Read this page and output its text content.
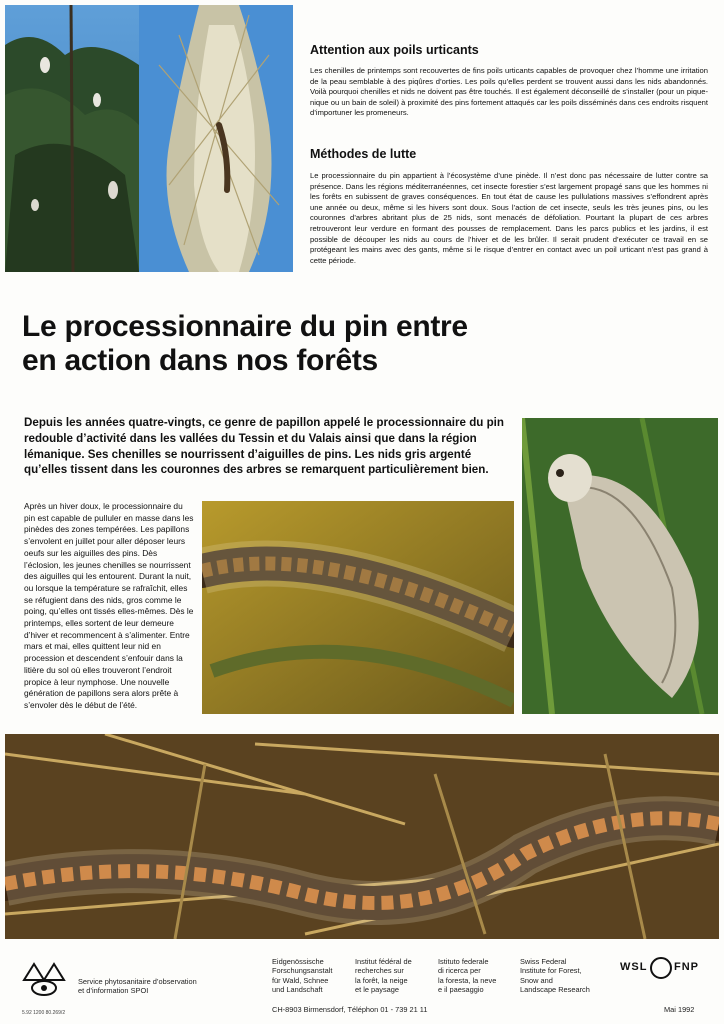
Attention aux poils urticants
Les chenilles de printemps sont recouvertes de fins poils urticants capables de provoquer chez l’homme une irritation de la peau semblable à des piqûres d’orties. Les poils qu’elles perdent se trouvent aussi dans les nids abandonnés. Voilà pourquoi chenilles et nids ne doivent pas être touchés. Il est également déconseillé de s’installer (pour un pique-nique ou un bain de soleil) à proximité des pins fortement attaqués car les poils disséminés dans ces endroits risquent d’importuner les promeneurs.
Méthodes de lutte
Le processionnaire du pin appartient à l’écosystème d’une pinède. Il n’est donc pas nécessaire de lutter contre sa présence. Dans les régions méditerranéennes, cet insecte forestier s’est largement propagé sans que les hommes ni les forêts en subissent de graves conséquences. En tout état de cause les pullulations massives s’effondrent après une année ou deux, même si les hivers sont doux. Sous l’action de cet insecte, seuls les très jeunes pins, ou les couronnes d’arbres abritant plus de 25 nids, sont menacés de défoliation. Pourtant la plupart de ces arbres retrouveront leur verdure en formant des pousses de remplacement. Dans les parcs publics et les jardins, il est possible de découper les nids au cours de l’hiver et de les brûler. Il serait prudent d’exécuter ce travail en se protégeant les mains avec des gants, même si le risque d’entrer en contact avec un poil urticant n’est pas grand à cette période.
Le processionnaire du pin entre
en action dans nos forêts
Depuis les années quatre-vingts, ce genre de papillon appelé le processionnaire du pin redouble d’activité dans les vallées du Tessin et du Valais ainsi que dans la région lémanique. Ses chenilles se nourrissent d’aiguilles de pins. Les nids gris argenté qu’elles tissent dans les couronnes des arbres se remarquent particulièrement bien.
Après un hiver doux, le processionnaire du pin est capable de pulluler en masse dans les pinèdes des zones tempérées. Les papillons s’envolent en juillet pour aller déposer leurs oeufs sur les aiguilles des pins. Dès l’éclosion, les jeunes chenilles se nourrissent des aiguilles qui les entourent. Durant la nuit, ou lorsque la température se rafraîchit, elles se réfugient dans des nids, gros comme le poing, qu’elles ont tissés elles-mêmes. Dès le printemps, elles sortent de leur demeure d’hiver et recommencent à s’alimenter. Entre mars et mai, elles quittent leur nid en procession et descendent s’enfouir dans la litière du sol où elles trouveront l’endroit propice à leur nymphose. Une nouvelle génération de papillons sera alors prête à s’envoler dès le début de l’été.
Service phytosanitaire d’observation
et d’information SPOI
Eidgenössische
Forschungsanstalt
für Wald, Schnee
und Landschaft
Institut fédéral de
recherches sur
la forêt, la neige
et le paysage
Istituto federale
di ricerca per
la foresta, la neve
e il paesaggio
Swiss Federal
Institute for Forest,
Snow and
Landscape Research
WSL FNP
CH-8903 Birmensdorf, Téléphon 01 - 739 21 11	Mai 1992
5.92 1200 80.269/2
